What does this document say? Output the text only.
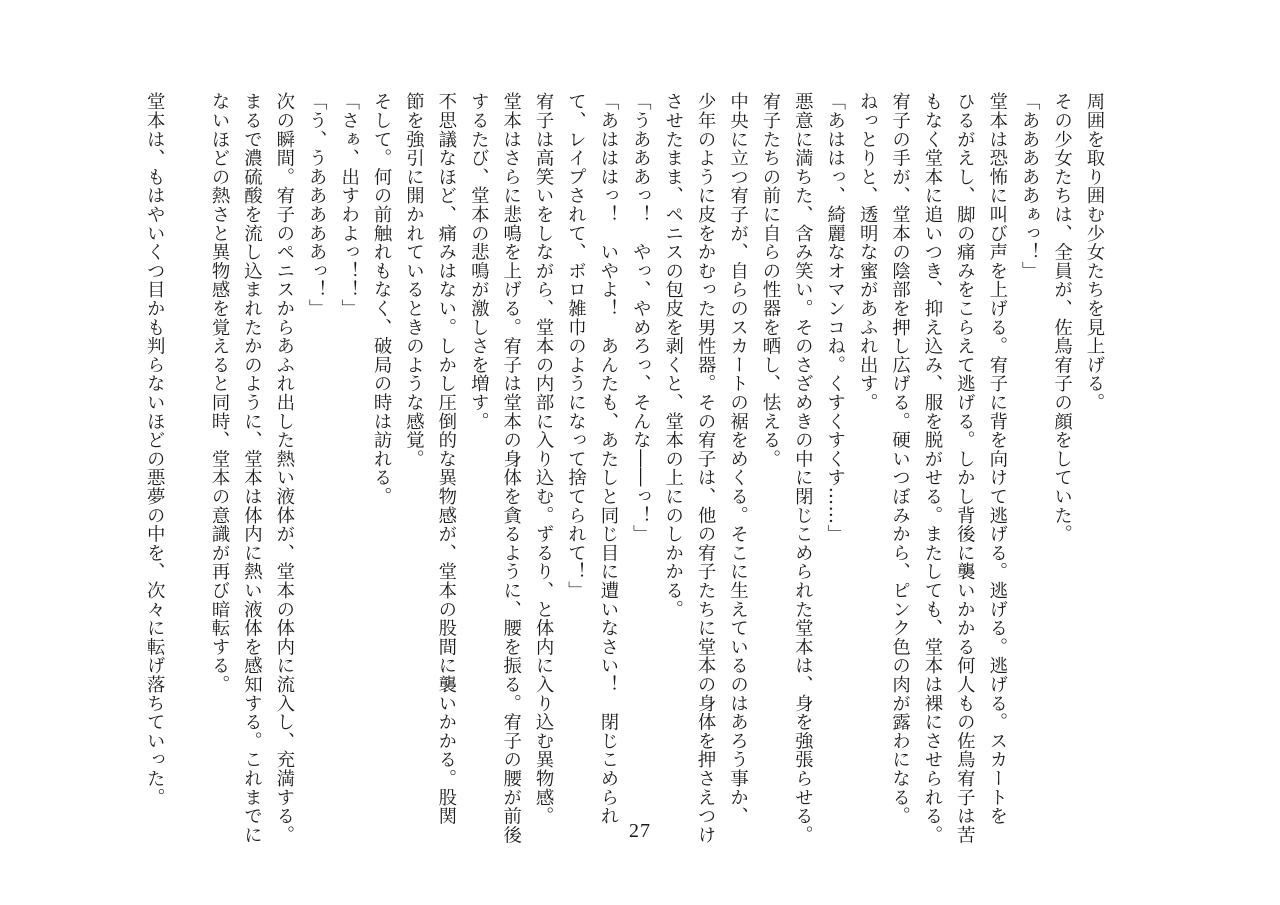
周囲を取り囲む少女たちを見上げる。
その少女たちは、全員が、佐鳥宥子の顔をしていた。
「あああああぁっ！」
堂本は恐怖に叫び声を上げる。宥子に背を向けて逃げる。逃げる。逃げる。スカートを
ひるがえし、脚の痛みをこらえて逃げる。しかし背後に襲いかかる何人もの佐鳥宥子は苦
もなく堂本に追いつき、抑え込み、服を脱がせる。またしても、堂本は裸にさせられる。
宥子の手が、堂本の陰部を押し広げる。硬いつぼみから、ピンク色の肉が露わになる。
ねっとりと、透明な蜜があふれ出す。
「あははっ、綺麗なオマンコね。くすくすくす……」
悪意に満ちた、含み笑い。そのさざめきの中に閉じこめられた堂本は、身を強張らせる。
宥子たちの前に自らの性器を晒し、怯える。
中央に立つ宥子が、自らのスカートの裾をめくる。そこに生えているのはあろう事か、
少年のように皮をかむった男性器。その宥子は、他の宥子たちに堂本の身体を押さえつけ
させたまま、ペニスの包皮を剥くと、堂本の上にのしかかる。
「うあああっ！　やっ、やめろっ、そんな――っ！」
「あはははっ！　いやよ！　あんたも、あたしと同じ目に遭いなさい！　閉じこめられ
て、レイプされて、ボロ雑巾のようになって捨てられて！」
宥子は高笑いをしながら、堂本の内部に入り込む。ずるり、と体内に入り込む異物感。
堂本はさらに悲鳴を上げる。宥子は堂本の身体を貪るように、腰を振る。宥子の腰が前後
するたび、堂本の悲鳴が激しさを増す。
不思議なほど、痛みはない。しかし圧倒的な異物感が、堂本の股間に襲いかかる。股関
節を強引に開かれているときのような感覚。
そして。何の前触れもなく、破局の時は訪れる。
「さぁ、出すわよっ！！」
「う、うあああああっ！」
次の瞬間。宥子のペニスからあふれ出した熱い液体が、堂本の体内に流入し、充満する。
まるで濃硫酸を流し込まれたかのように、堂本は体内に熱い液体を感知する。これまでに
ないほどの熱さと異物感を覚えると同時、堂本の意識が再び暗転する。

堂本は、もはやいくつ目かも判らないほどの悪夢の中を、次々に転げ落ちていった。
27
